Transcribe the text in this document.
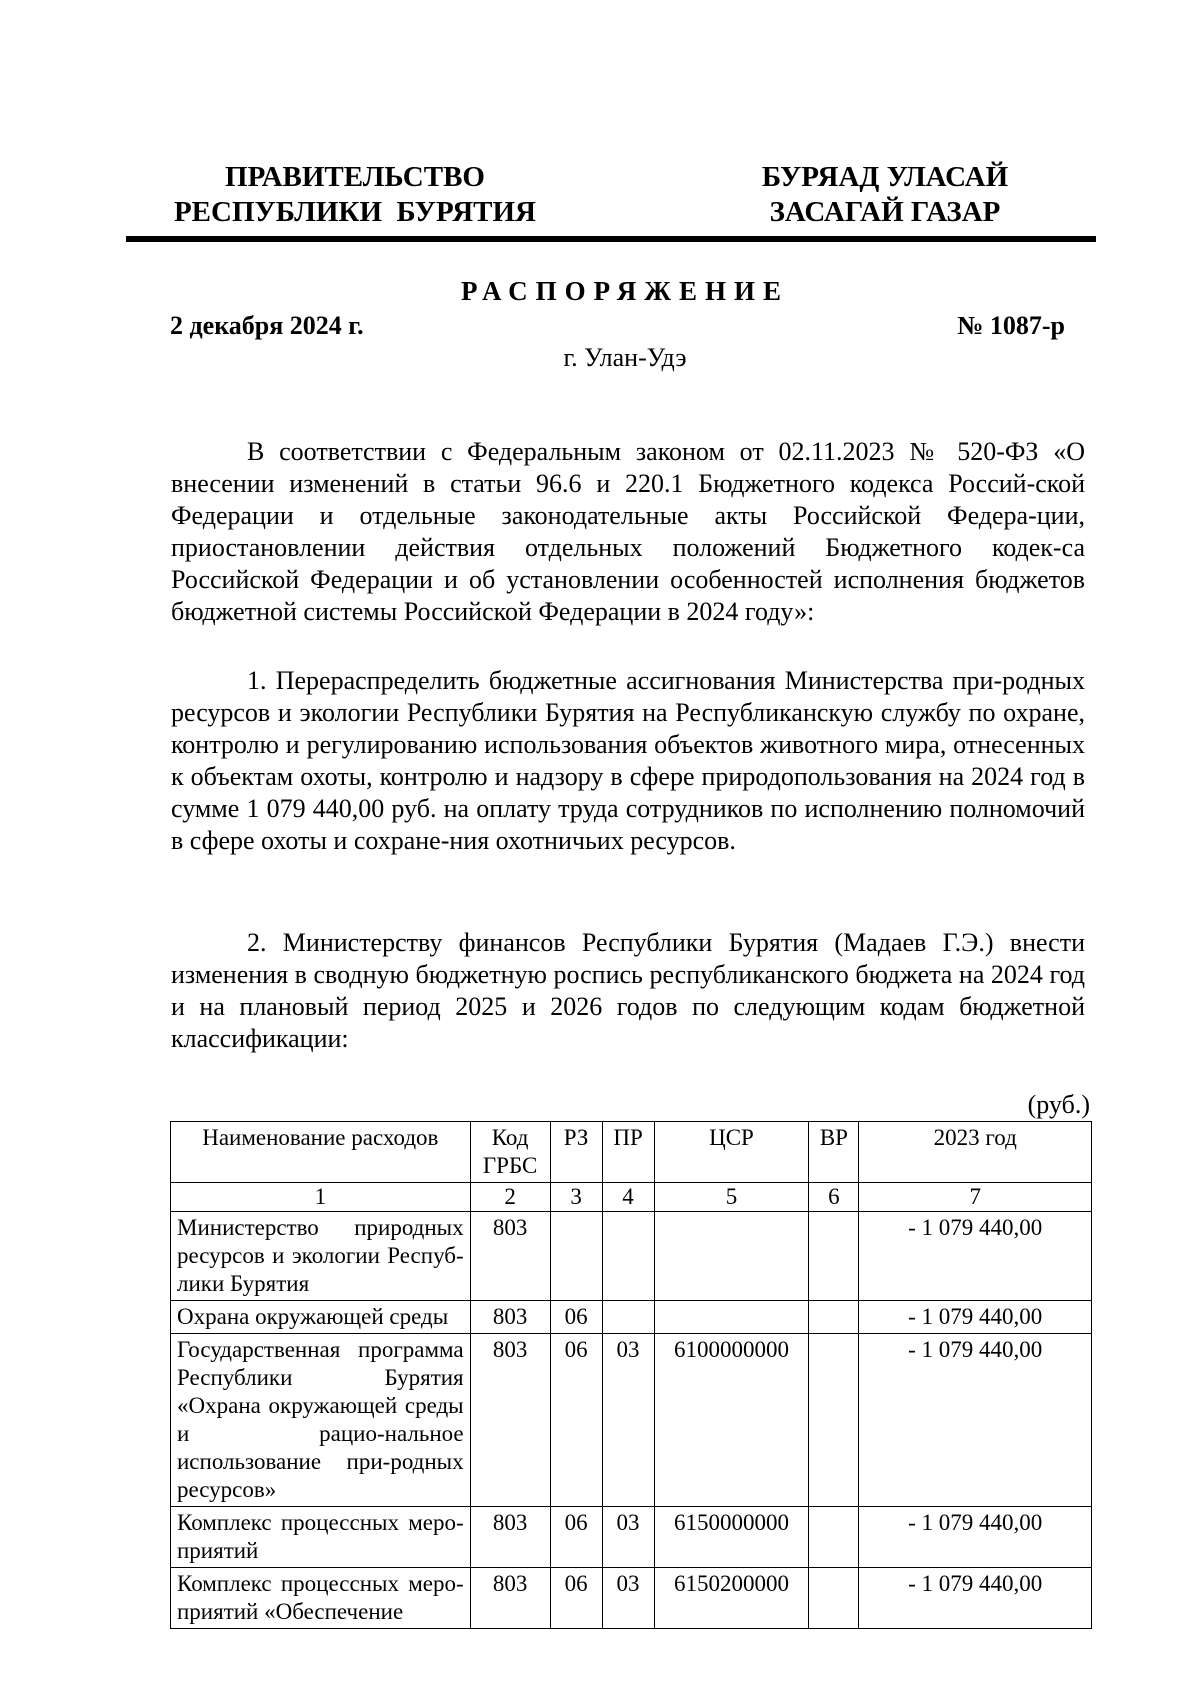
ПРАВИТЕЛЬСТВО
РЕСПУБЛИКИ  БУРЯТИЯ
БУРЯАД УЛАСАЙ
ЗАСАГАЙ ГАЗАР
РАСПОРЯЖЕНИЕ
2 декабря 2024 г.	№ 1087-р
г. Улан-Удэ

В соответствии с Федеральным законом от 02.11.2023 № 520-ФЗ «О внесении изменений в статьи 96.6 и 220.1 Бюджетного кодекса Россий-ской Федерации и отдельные законодательные акты Российской Федера-ции, приостановлении действия отдельных положений Бюджетного кодек-са Российской Федерации и об установлении особенностей исполнения бюджетов бюджетной системы Российской Федерации в 2024 году»:

1. Перераспределить бюджетные ассигнования Министерства при-родных ресурсов и экологии Республики Бурятия на Республиканскую службу по охране, контролю и регулированию использования объектов животного мира, отнесенных к объектам охоты, контролю и надзору в сфере природопользования на 2024 год в сумме 1 079 440,00 руб. на оплату труда сотрудников по исполнению полномочий в сфере охоты и сохране-ния охотничьих ресурсов.

2. Министерству финансов Республики Бурятия (Мадаев Г.Э.) внести изменения в сводную бюджетную роспись республиканского бюджета на 2024 год и на плановый период 2025 и 2026 годов по следующим кодам бюджетной классификации:

(руб.)
Наименование расходов	Код ГРБС	РЗ	ПР	ЦСР	ВР	2023 год
1	2	3	4	5	6	7
Министерство природных ресурсов и экологии Респуб-лики Бурятия	803					- 1 079 440,00
Охрана окружающей среды	803	06				- 1 079 440,00
Государственная программа Республики Бурятия «Охрана окружающей среды и рацио-нальное использование при-родных ресурсов»	803	06	03	6100000000		- 1 079 440,00
Комплекс процессных меро-приятий	803	06	03	6150000000		- 1 079 440,00
Комплекс процессных меро-приятий «Обеспечение	803	06	03	6150200000		- 1 079 440,00
